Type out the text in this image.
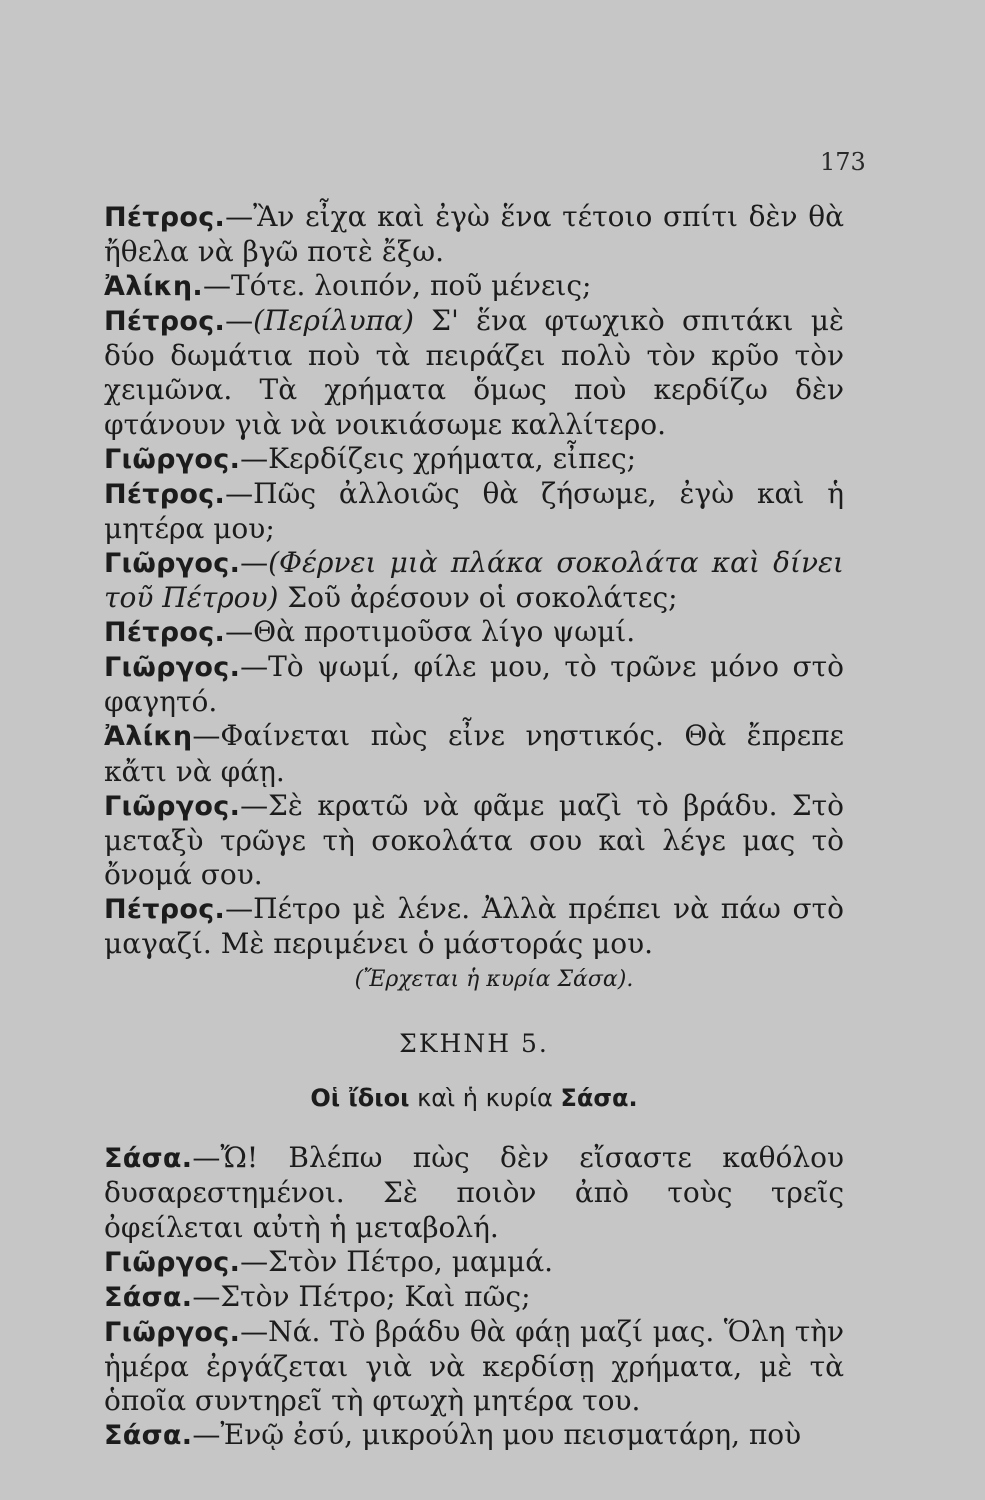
173

Πέτρος.—Ἂν εἶχα καὶ ἐγὼ ἕνα τέτοιο σπίτι δὲν θὰ ἤθελα νὰ βγῶ ποτὲ ἔξω.

Ἀλίκη.—Τότε. λοιπόν, ποῦ μένεις;

Πέτρος.—(Περίλυπα) Σ' ἕνα φτωχικὸ σπιτάκι μὲ δύο δωμάτια ποὺ τὰ πειράζει πολὺ τὸν κρῦο τὸν χειμῶνα. Τὰ χρήματα ὅμως ποὺ κερδίζω δὲν φτάνουν γιὰ νὰ νοικιάσωμε καλλίτερο.

Γιῶργος.—Κερδίζεις χρήματα, εἶπες;

Πέτρος.—Πῶς ἀλλοιῶς θὰ ζήσωμε, ἐγὼ καὶ ἡ μητέρα μου;

Γιῶργος.—(Φέρνει μιὰ πλάκα σοκολάτα καὶ δίνει τοῦ Πέτρου) Σοῦ ἀρέσουν οἱ σοκολάτες;

Πέτρος.—Θὰ προτιμοῦσα λίγο ψωμί.

Γιῶργος.—Τὸ ψωμί, φίλε μου, τὸ τρῶνε μόνο στὸ φαγητό.

Ἀλίκη—Φαίνεται πὼς εἶνε νηστικός. Θὰ ἔπρεπε κἄτι νὰ φάῃ.

Γιῶργος.—Σὲ κρατῶ νὰ φᾶμε μαζὶ τὸ βράδυ. Στὸ μεταξὺ τρῶγε τὴ σοκολάτα σου καὶ λέγε μας τὸ ὄνομά σου.

Πέτρος.—Πέτρο μὲ λένε. Ἀλλὰ πρέπει νὰ πάω στὸ μαγαζί. Μὲ περιμένει ὁ μάστοράς μου.

(Ἔρχεται ἡ κυρία Σάσα).

ΣΚΗΝΗ 5.

Οἱ ἴδιοι καὶ ἡ κυρία Σάσα.

Σάσα.—Ὤ! Βλέπω πὼς δὲν εἴσαστε καθόλου δυσαρεστημένοι. Σὲ ποιὸν ἀπὸ τοὺς τρεῖς ὀφείλεται αὐτὴ ἡ μεταβολή.

Γιῶργος.—Στὸν Πέτρο, μαμμά.

Σάσα.—Στὸν Πέτρο; Καὶ πῶς;

Γιῶργος.—Νά. Τὸ βράδυ θὰ φάῃ μαζί μας. Ὅλη τὴν ἡμέρα ἐργάζεται γιὰ νὰ κερδίσῃ χρήματα, μὲ τὰ ὁποῖα συντηρεῖ τὴ φτωχὴ μητέρα του.

Σάσα.—Ἐνῷ ἐσύ, μικρούλη μου πεισματάρη, ποὺ
